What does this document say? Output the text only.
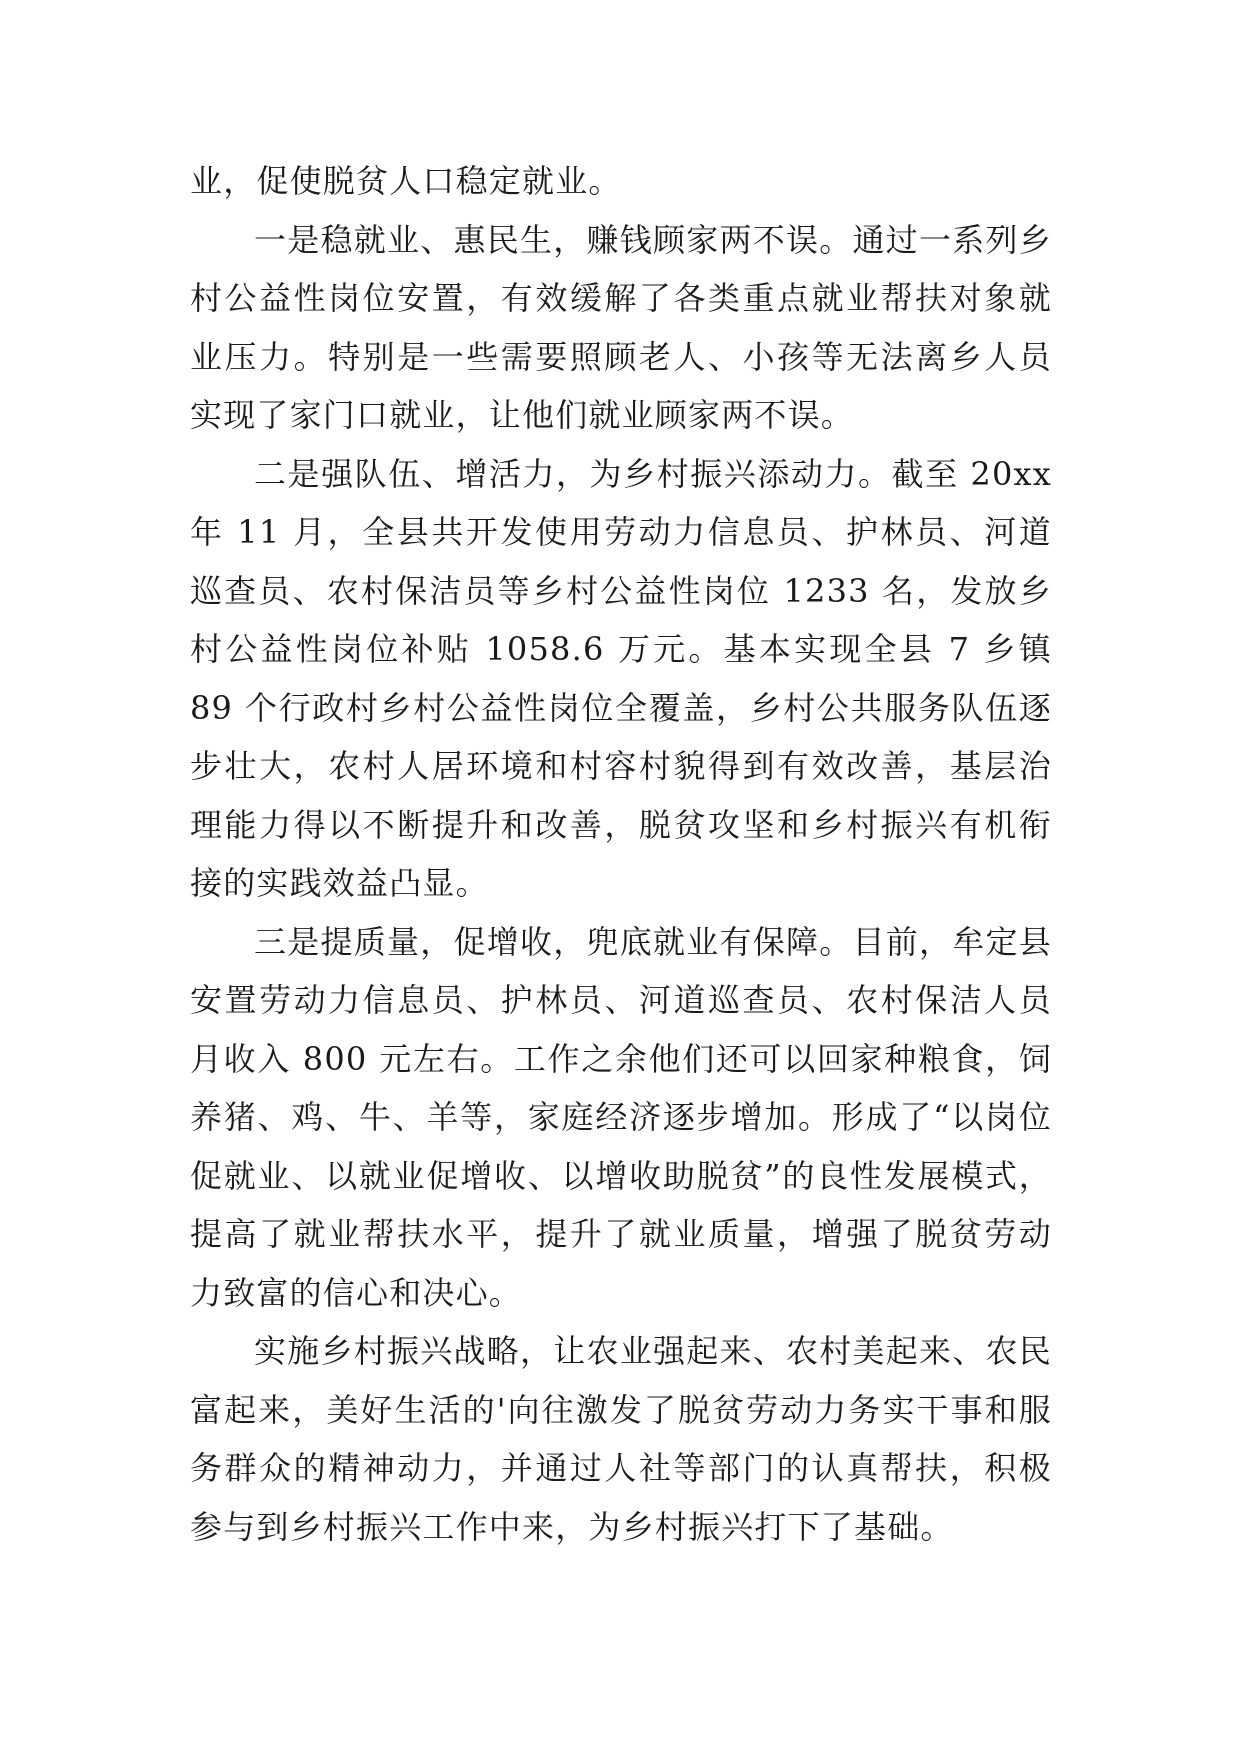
业，促使脱贫人口稳定就业。

一是稳就业、惠民生，赚钱顾家两不误。通过一系列乡村公益性岗位安置，有效缓解了各类重点就业帮扶对象就业压力。特别是一些需要照顾老人、小孩等无法离乡人员实现了家门口就业，让他们就业顾家两不误。

二是强队伍、增活力，为乡村振兴添动力。截至 20xx 年 11 月，全县共开发使用劳动力信息员、护林员、河道巡查员、农村保洁员等乡村公益性岗位 1233 名，发放乡村公益性岗位补贴 1058.6 万元。基本实现全县 7 乡镇 89 个行政村乡村公益性岗位全覆盖，乡村公共服务队伍逐步壮大，农村人居环境和村容村貌得到有效改善，基层治理能力得以不断提升和改善，脱贫攻坚和乡村振兴有机衔接的实践效益凸显。

三是提质量，促增收，兜底就业有保障。目前，牟定县安置劳动力信息员、护林员、河道巡查员、农村保洁人员月收入 800 元左右。工作之余他们还可以回家种粮食，饲养猪、鸡、牛、羊等，家庭经济逐步增加。形成了“以岗位促就业、以就业促增收、以增收助脱贫”的良性发展模式，提高了就业帮扶水平，提升了就业质量，增强了脱贫劳动力致富的信心和决心。

实施乡村振兴战略，让农业强起来、农村美起来、农民富起来，美好生活的'向往激发了脱贫劳动力务实干事和服务群众的精神动力，并通过人社等部门的认真帮扶，积极参与到乡村振兴工作中来，为乡村振兴打下了基础。
